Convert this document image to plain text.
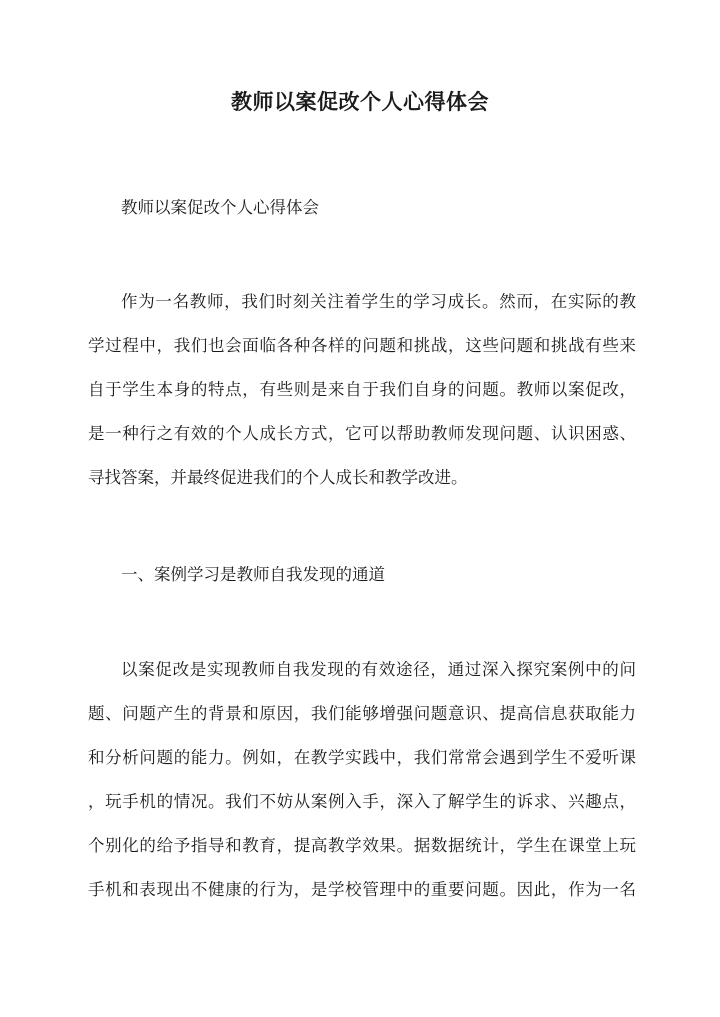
教师以案促改个人心得体会

教师以案促改个人心得体会

作为一名教师，我们时刻关注着学生的学习成长。然而，在实际的教

学过程中，我们也会面临各种各样的问题和挑战，这些问题和挑战有些来

自于学生本身的特点，有些则是来自于我们自身的问题。教师以案促改，

是一种行之有效的个人成长方式，它可以帮助教师发现问题、认识困惑、

寻找答案，并最终促进我们的个人成长和教学改进。

一、案例学习是教师自我发现的通道

以案促改是实现教师自我发现的有效途径，通过深入探究案例中的问

题、问题产生的背景和原因，我们能够增强问题意识、提高信息获取能力

和分析问题的能力。例如，在教学实践中，我们常常会遇到学生不爱听课

，玩手机的情况。我们不妨从案例入手，深入了解学生的诉求、兴趣点，

个别化的给予指导和教育，提高教学效果。据数据统计，学生在课堂上玩

手机和表现出不健康的行为，是学校管理中的重要问题。因此，作为一名
